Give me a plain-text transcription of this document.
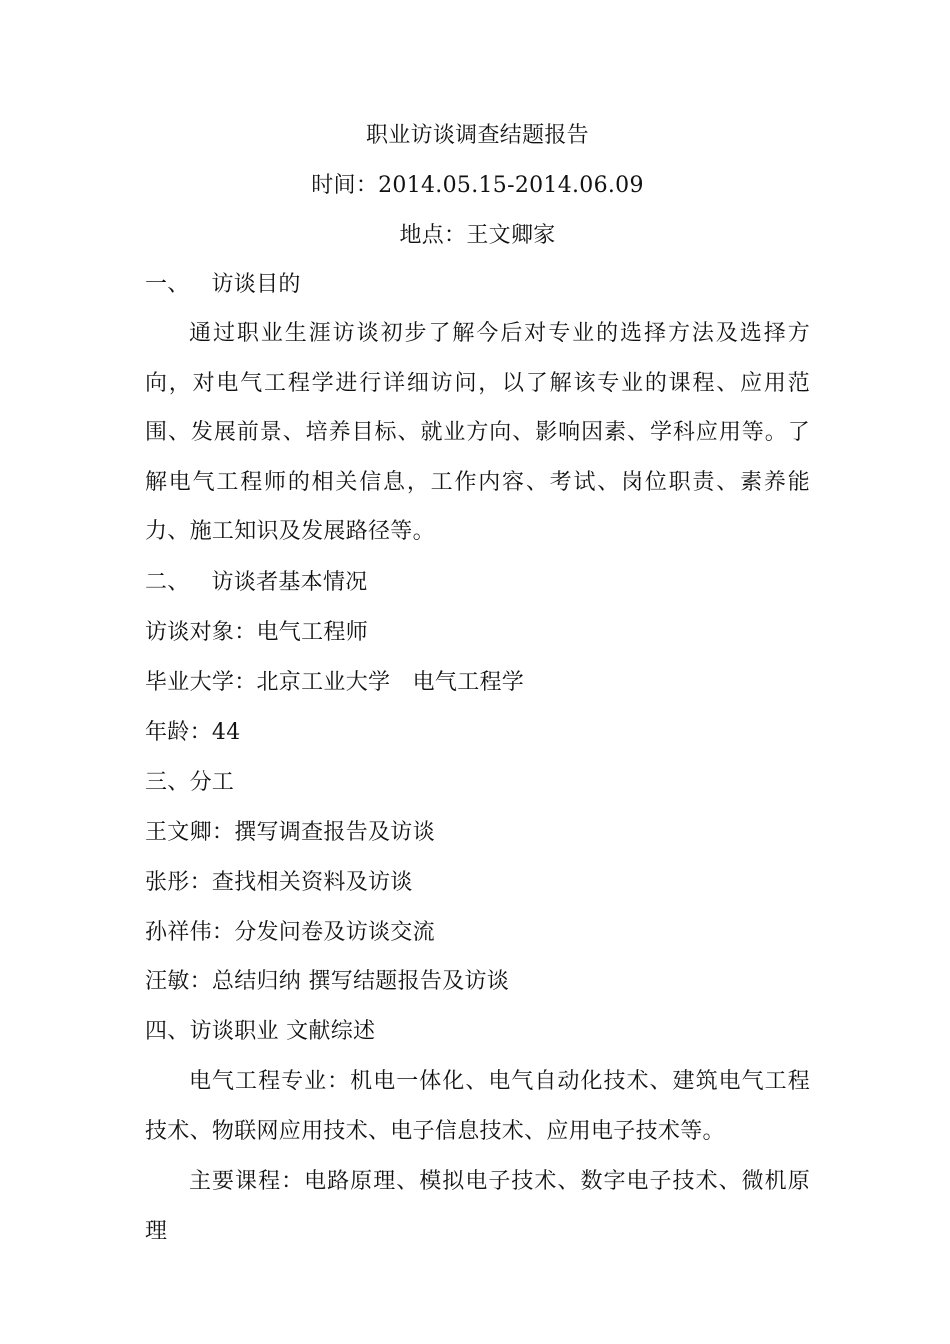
职业访谈调查结题报告
时间：2014.05.15-2014.06.09
地点：王文卿家
一、   访谈目的
通过职业生涯访谈初步了解今后对专业的选择方法及选择方向，对电气工程学进行详细访问，以了解该专业的课程、应用范围、发展前景、培养目标、就业方向、影响因素、学科应用等。了解电气工程师的相关信息，工作内容、考试、岗位职责、素养能力、施工知识及发展路径等。
二、   访谈者基本情况
访谈对象：电气工程师
毕业大学：北京工业大学　电气工程学
年龄：44
三、分工
王文卿：撰写调查报告及访谈
张彤：查找相关资料及访谈
孙祥伟：分发问卷及访谈交流
汪敏：总结归纳 撰写结题报告及访谈
四、访谈职业 文献综述
电气工程专业：机电一体化、电气自动化技术、建筑电气工程技术、物联网应用技术、电子信息技术、应用电子技术等。
主要课程：电路原理、模拟电子技术、数字电子技术、微机原理
